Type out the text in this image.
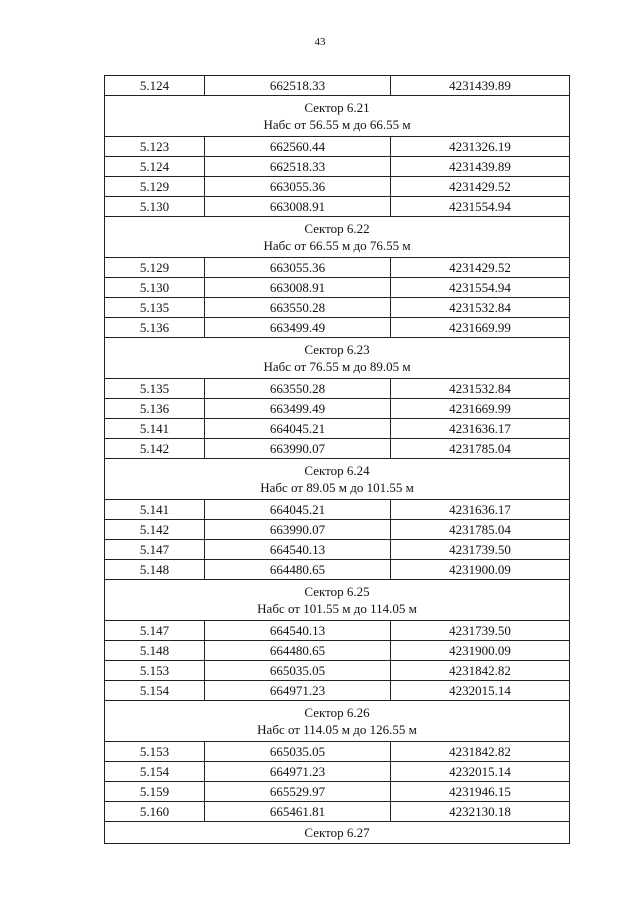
43
5.124	662518.33	4231439.89

Сектор 6.21
Набс от 56.55 м до 66.55 м		

5.123	662560.44	4231326.19
5.124	662518.33	4231439.89
5.129	663055.36	4231429.52
5.130	663008.91	4231554.94

Сектор 6.22
Набс от 66.55 м до 76.55 м		

5.129	663055.36	4231429.52
5.130	663008.91	4231554.94
5.135	663550.28	4231532.84
5.136	663499.49	4231669.99

Сектор 6.23
Набс от 76.55 м до 89.05 м		

5.135	663550.28	4231532.84
5.136	663499.49	4231669.99
5.141	664045.21	4231636.17
5.142	663990.07	4231785.04

Сектор 6.24
Набс от 89.05 м до 101.55 м		

5.141	664045.21	4231636.17
5.142	663990.07	4231785.04
5.147	664540.13	4231739.50
5.148	664480.65	4231900.09

Сектор 6.25
Набс от 101.55 м до 114.05 м		

5.147	664540.13	4231739.50
5.148	664480.65	4231900.09
5.153	665035.05	4231842.82
5.154	664971.23	4232015.14

Сектор 6.26
Набс от 114.05 м до 126.55 м		

5.153	665035.05	4231842.82
5.154	664971.23	4232015.14
5.159	665529.97	4231946.15
5.160	665461.81	4232130.18

Сектор 6.27		
